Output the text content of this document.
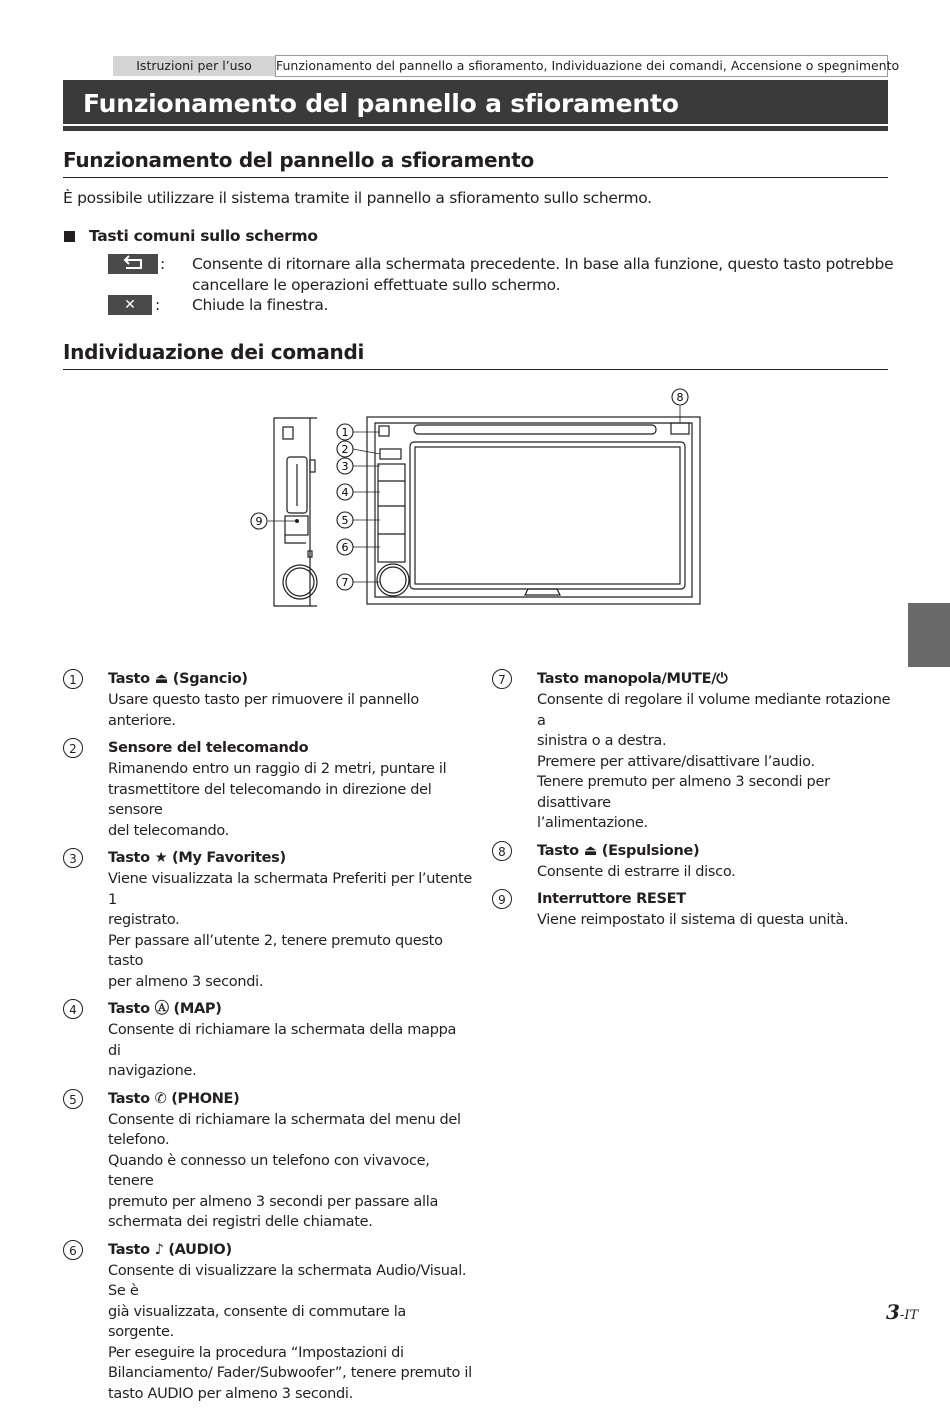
Istruzioni per l’uso	Funzionamento del pannello a sfioramento, Individuazione dei comandi, Accensione o spegnimento
Funzionamento del pannello a sfioramento
Funzionamento del pannello a sfioramento
È possibile utilizzare il sistema tramite il pannello a sfioramento sullo schermo.
Tasti comuni sullo schermo
: Consente di ritornare alla schermata precedente. In base alla funzione, questo tasto potrebbe
cancellare le operazioni effettuate sullo schermo.
✕	: Chiude la finestra.
Individuazione dei comandi
1
2
3
4
5
6
7
8
9
1	Tasto ⏏ (Sgancio)
Usare questo tasto per rimuovere il pannello anteriore.
2	Sensore del telecomando
Rimanendo entro un raggio di 2 metri, puntare il
trasmettitore del telecomando in direzione del sensore
del telecomando.
3	Tasto ★ (My Favorites)
Viene visualizzata la schermata Preferiti per l’utente 1
registrato.
Per passare all’utente 2, tenere premuto questo tasto
per almeno 3 secondi.
4	Tasto Ⓐ (MAP)
Consente di richiamare la schermata della mappa di
navigazione.
5	Tasto ✆ (PHONE)
Consente di richiamare la schermata del menu del
telefono.
Quando è connesso un telefono con vivavoce, tenere
premuto per almeno 3 secondi per passare alla
schermata dei registri delle chiamate.
6	Tasto ♪ (AUDIO)
Consente di visualizzare la schermata Audio/Visual. Se è
già visualizzata, consente di commutare la sorgente.
Per eseguire la procedura “Impostazioni di
Bilanciamento/ Fader/Subwoofer”, tenere premuto il
tasto AUDIO per almeno 3 secondi.
7	Tasto manopola/MUTE/⏻
Consente di regolare il volume mediante rotazione a
sinistra o a destra.
Premere per attivare/disattivare l’audio.
Tenere premuto per almeno 3 secondi per disattivare
l’alimentazione.
8	Tasto ⏏ (Espulsione)
Consente di estrarre il disco.
9	Interruttore RESET
Viene reimpostato il sistema di questa unità.
3-IT
